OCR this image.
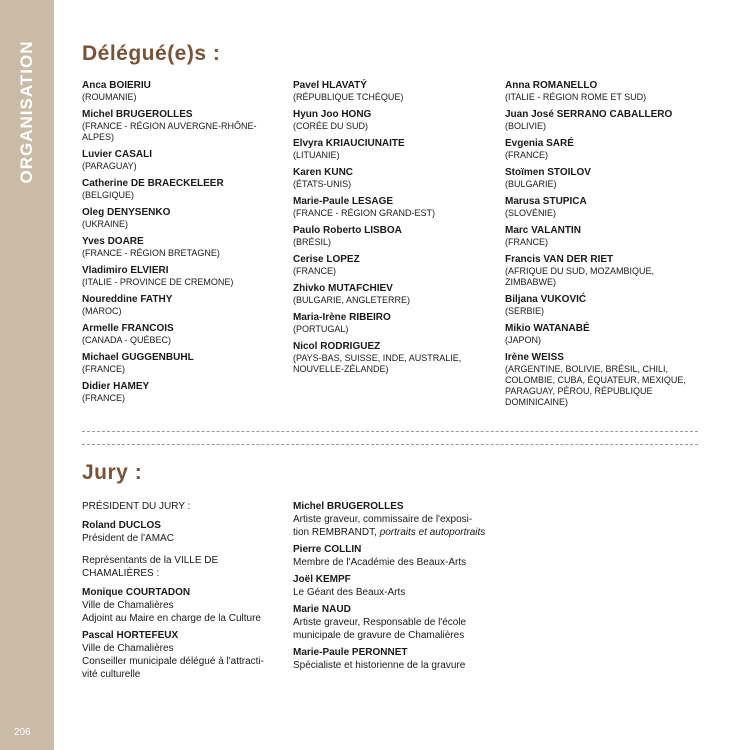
ORGANISATION
206
Délégué(e)s :
Anca BOIERIU
(ROUMANIE)
Michel BRUGEROLLES
(FRANCE - RÉGION AUVERGNE-RHÔNE-ALPES)
Luvier CASALI
(PARAGUAY)
Catherine DE BRAECKELEER
(BELGIQUE)
Oleg DENYSENKO
(UKRAINE)
Yves DOARE
(FRANCE - RÉGION BRETAGNE)
Vladimiro ELVIERI
(ITALIE - PROVINCE DE CREMONE)
Noureddine FATHY
(MAROC)
Armelle FRANCOIS
(CANADA - QUÉBEC)
Michael GUGGENBUHL
(FRANCE)
Didier HAMEY
(FRANCE)
Pavel HLAVATÝ
(RÉPUBLIQUE TCHÈQUE)
Hyun Joo HONG
(CORÉE DU SUD)
Elvyra KRIAUCIUNAITE
(LITUANIE)
Karen KUNC
(ÉTATS-UNIS)
Marie-Paule LESAGE
(FRANCE - RÉGION GRAND-EST)
Paulo Roberto LISBOA
(BRÉSIL)
Cerise LOPEZ
(FRANCE)
Zhivko MUTAFCHIEV
(BULGARIE, ANGLETERRE)
Maria-Irène RIBEIRO
(PORTUGAL)
Nicol RODRIGUEZ
(PAYS-BAS, SUISSE, INDE, AUSTRALIE, NOUVELLE-ZÉLANDE)
Anna ROMANELLO
(ITALIE - RÉGION ROME ET SUD)
Juan José SERRANO CABALLERO
(BOLIVIE)
Evgenia SARÉ
(FRANCE)
Stoïmen STOILOV
(BULGARIE)
Marusa STUPICA
(SLOVÉNIE)
Marc VALANTIN
(FRANCE)
Francis VAN DER RIET
(AFRIQUE DU SUD, MOZAMBIQUE, ZIMBABWE)
Biljana VUKOVIĆ
(SERBIE)
Mikio WATANABÉ
(JAPON)
Irène WEISS
(ARGENTINE, BOLIVIE, BRÉSIL, CHILI, COLOMBIE, CUBA, ÉQUATEUR, MEXIQUE, PARAGUAY, PÉROU, RÉPUBLIQUE DOMINICAINE)
Jury :
PRÉSIDENT DU JURY :
Roland DUCLOS
Président de l'AMAC
Représentants de la VILLE DE CHAMALIÈRES :
Monique COURTADON
Ville de Chamalières
Adjoint au Maire en charge de la Culture
Pascal HORTEFEUX
Ville de Chamalières
Conseiller municipale délégué à l'attracti-
vité culturelle
Michel BRUGEROLLES
Artiste graveur, commissaire de l'exposi-
tion REMBRANDT, portraits et autoportraits
Pierre COLLIN
Membre de l'Académie des Beaux-Arts
Joël KEMPF
Le Géant des Beaux-Arts
Marie NAUD
Artiste graveur, Responsable de l'école
municipale de gravure de Chamalières
Marie-Paule PERONNET
Spécialiste et historienne de la gravure
